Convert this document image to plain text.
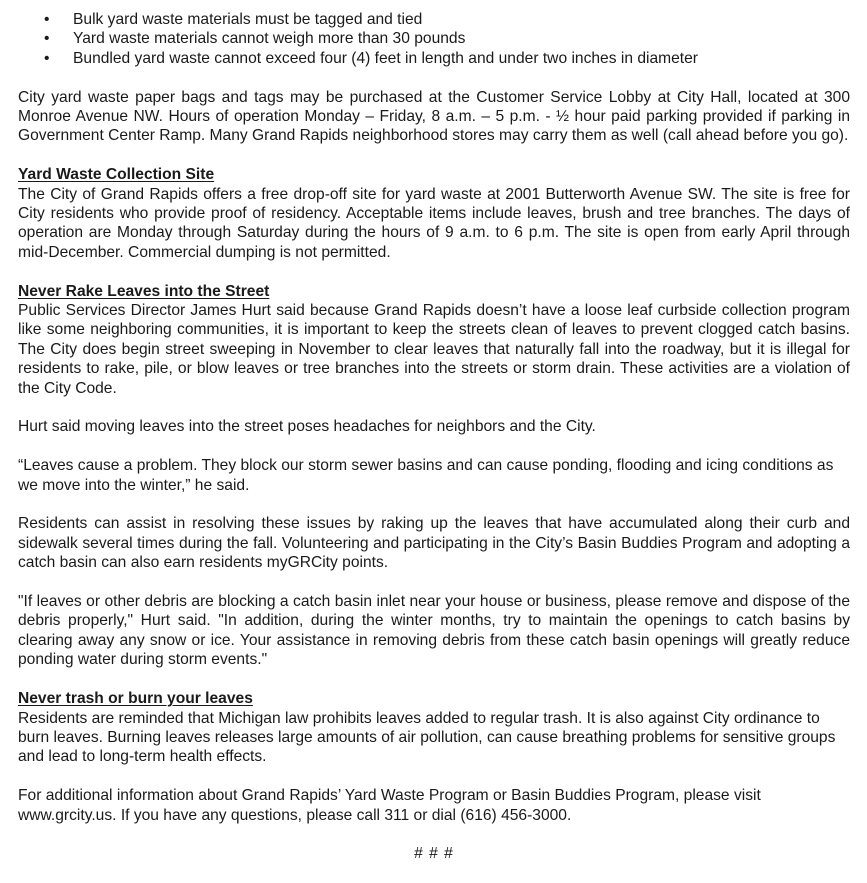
• Bulk yard waste materials must be tagged and tied
• Yard waste materials cannot weigh more than 30 pounds
• Bundled yard waste cannot exceed four (4) feet in length and under two inches in diameter

City yard waste paper bags and tags may be purchased at the Customer Service Lobby at City Hall, located at 300 Monroe Avenue NW. Hours of operation Monday – Friday, 8 a.m. – 5 p.m. - ½ hour paid parking provided if parking in Government Center Ramp. Many Grand Rapids neighborhood stores may carry them as well (call ahead before you go).

Yard Waste Collection Site

The City of Grand Rapids offers a free drop-off site for yard waste at 2001 Butterworth Avenue SW. The site is free for City residents who provide proof of residency. Acceptable items include leaves, brush and tree branches. The days of operation are Monday through Saturday during the hours of 9 a.m. to 6 p.m. The site is open from early April through mid-December. Commercial dumping is not permitted.

Never Rake Leaves into the Street

Public Services Director James Hurt said because Grand Rapids doesn’t have a loose leaf curbside collection program like some neighboring communities, it is important to keep the streets clean of leaves to prevent clogged catch basins. The City does begin street sweeping in November to clear leaves that naturally fall into the roadway, but it is illegal for residents to rake, pile, or blow leaves or tree branches into the streets or storm drain. These activities are a violation of the City Code.

Hurt said moving leaves into the street poses headaches for neighbors and the City.

“Leaves cause a problem. They block our storm sewer basins and can cause ponding, flooding and icing conditions as we move into the winter,” he said.

Residents can assist in resolving these issues by raking up the leaves that have accumulated along their curb and sidewalk several times during the fall. Volunteering and participating in the City’s Basin Buddies Program and adopting a catch basin can also earn residents myGRCity points.

"If leaves or other debris are blocking a catch basin inlet near your house or business, please remove and dispose of the debris properly," Hurt said. "In addition, during the winter months, try to maintain the openings to catch basins by clearing away any snow or ice. Your assistance in removing debris from these catch basin openings will greatly reduce ponding water during storm events."

Never trash or burn your leaves

Residents are reminded that Michigan law prohibits leaves added to regular trash. It is also against City ordinance to burn leaves. Burning leaves releases large amounts of air pollution, can cause breathing problems for sensitive groups and lead to long-term health effects.

For additional information about Grand Rapids’ Yard Waste Program or Basin Buddies Program, please visit www.grcity.us. If you have any questions, please call 311 or dial (616) 456-3000.

# # #
